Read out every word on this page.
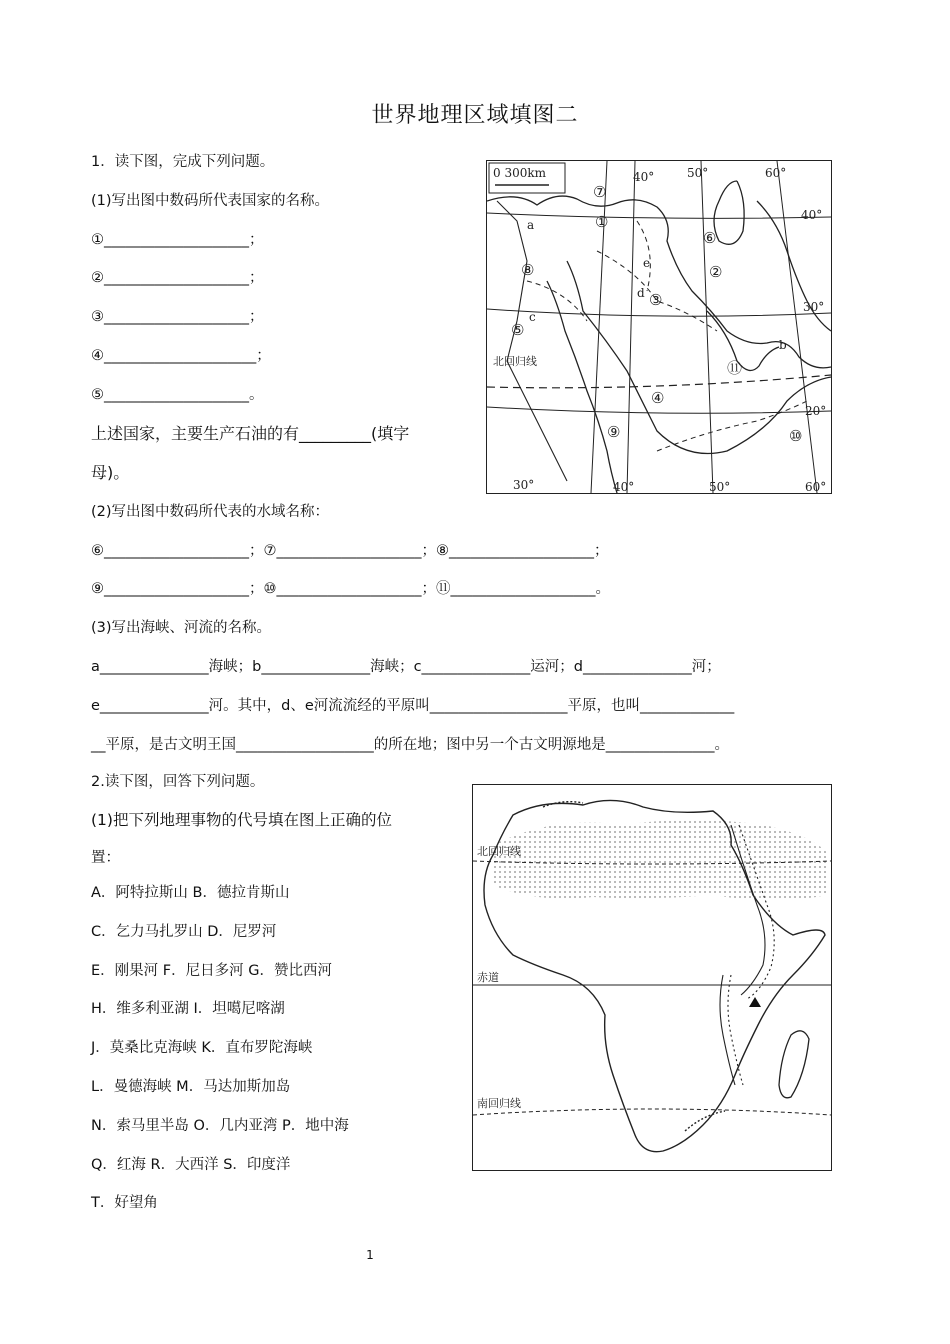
世界地理区域填图二
1．读下图，完成下列问题。
(1)写出图中数码所代表国家的名称。
①____________________；
②____________________；
③____________________；
④_____________________；
⑤____________________。
上述国家，主要生产石油的有_________(填字
母)。
(2)写出图中数码所代表的水域名称：
⑥____________________；⑦____________________；⑧____________________；
⑨____________________；⑩____________________；⑪____________________。
(3)写出海峡、河流的名称。
a_______________海峡；b_______________海峡；c_______________运河；d_______________河；
e_______________河。其中，d、e河流流经的平原叫___________________平原，也叫_____________
__平原，是古文明王国___________________的所在地；图中另一个古文明源地是_______________。
0 300km	40°	50°	60°
40°
30°
20°
30°	40°	50°	60°
北回归线
①
②
③
④
⑤
⑥
⑦
⑧
⑨	⑩
⑪
a
b
c
d
e
2.读下图，回答下列问题。
(1)把下列地理事物的代号填在图上正确的位
置：
A．阿特拉斯山 B．德拉肯斯山
C．乞力马扎罗山 D．尼罗河
E．刚果河 F．尼日多河 G．赞比西河
H．维多利亚湖 I．坦噶尼喀湖
J．莫桑比克海峡 K．直布罗陀海峡
L．曼德海峡 M．马达加斯加岛
N．索马里半岛 O．几内亚湾 P．地中海
Q．红海 R．大西洋 S．印度洋
T．好望角
北回归线
赤道
南回归线
1
